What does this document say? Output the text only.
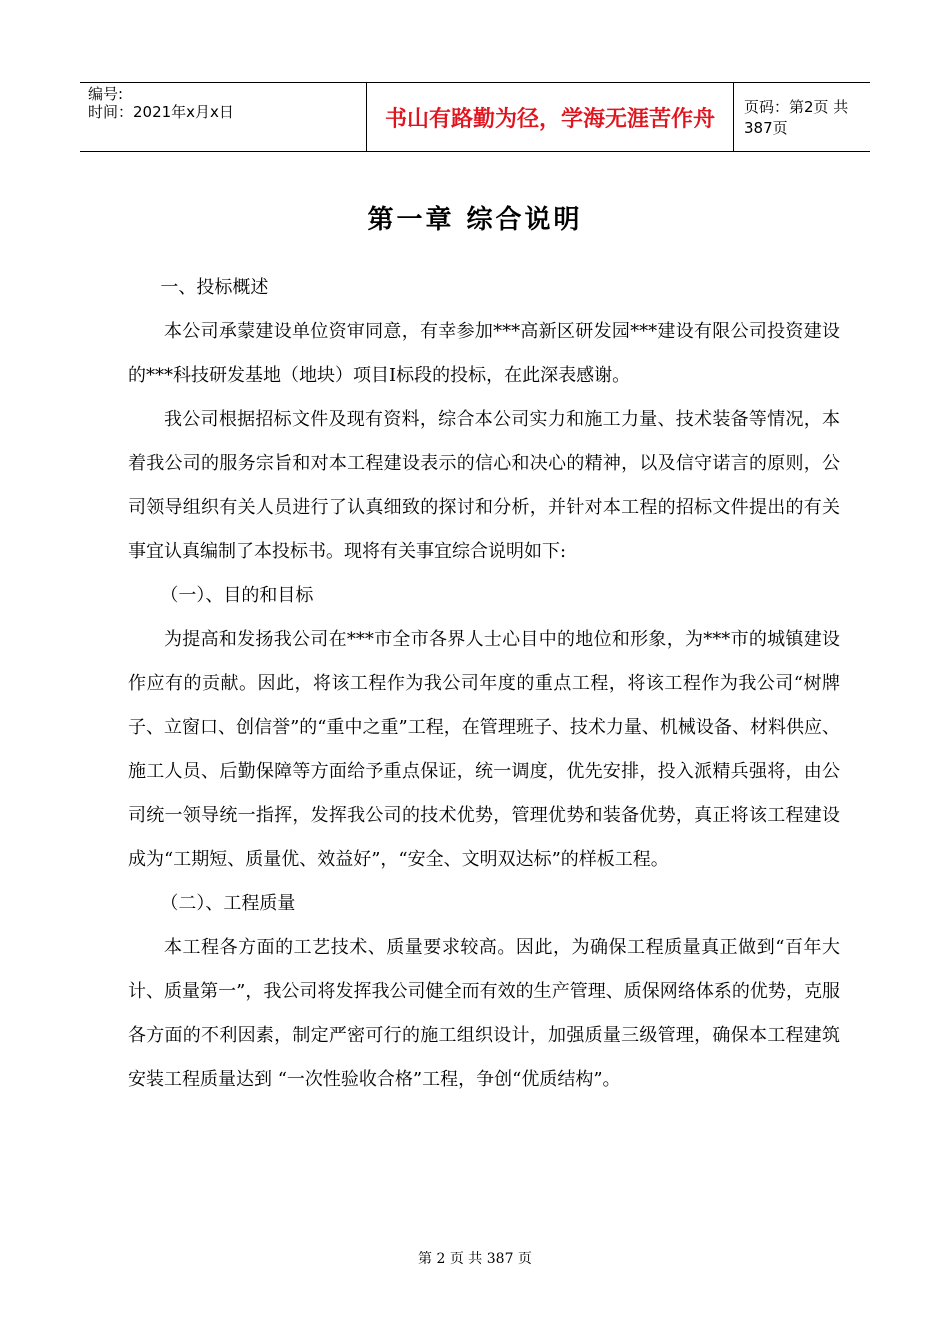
编号:
时间：2021年x月x日	书山有路勤为径，学海无涯苦作舟	页码：第2页 共387页
第一章 综合说明

一、投标概述

本公司承蒙建设单位资审同意，有幸参加***高新区研发园***建设有限公司投资建设的***科技研发基地（地块）项目Ⅰ标段的投标，在此深表感谢。

我公司根据招标文件及现有资料，综合本公司实力和施工力量、技术装备等情况，本着我公司的服务宗旨和对本工程建设表示的信心和决心的精神，以及信守诺言的原则，公司领导组织有关人员进行了认真细致的探讨和分析，并针对本工程的招标文件提出的有关事宜认真编制了本投标书。现将有关事宜综合说明如下:

（一）、目的和目标

为提高和发扬我公司在***市全市各界人士心目中的地位和形象，为***市的城镇建设作应有的贡献。因此，将该工程作为我公司年度的重点工程，将该工程作为我公司“树牌子、立窗口、创信誉”的“重中之重”工程，在管理班子、技术力量、机械设备、材料供应、施工人员、后勤保障等方面给予重点保证，统一调度，优先安排，投入派精兵强将，由公司统一领导统一指挥，发挥我公司的技术优势，管理优势和装备优势，真正将该工程建设成为“工期短、质量优、效益好”，“安全、文明双达标”的样板工程。

（二）、工程质量

本工程各方面的工艺技术、质量要求较高。因此，为确保工程质量真正做到“百年大计、质量第一”，我公司将发挥我公司健全而有效的生产管理、质保网络体系的优势，克服各方面的不利因素，制定严密可行的施工组织设计，加强质量三级管理，确保本工程建筑安装工程质量达到 “一次性验收合格”工程，争创“优质结构”。

第 2 页 共 387 页
